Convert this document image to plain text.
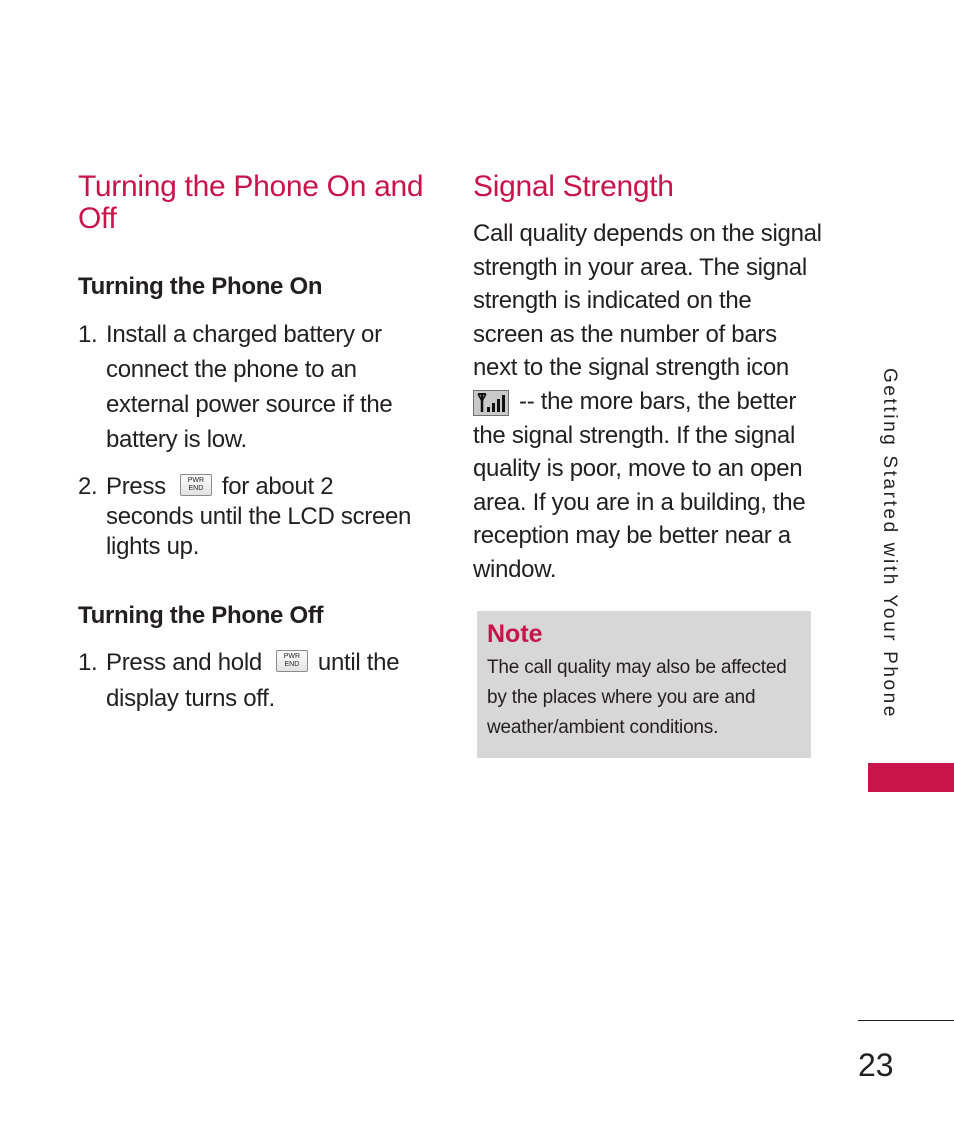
Turning the Phone On and Off
Turning the Phone On
1. Install a charged battery or connect the phone to an external power source if the battery is low.
2. Press	PWR
END for about 2 seconds until the LCD screen lights up.
Turning the Phone Off
1. Press and hold	PWR
END until the display turns off.
Signal Strength

Call quality depends on the signal strength in your area. The signal strength is indicated on the screen as the number of bars next to the signal strength icon -- the more bars, the better the signal strength. If the signal quality is poor, move to an open area. If you are in a building, the reception may be better near a window.

Note

The call quality may also be affected by the places where you are and weather/ambient conditions.

Getting Started with Your Phone
23
